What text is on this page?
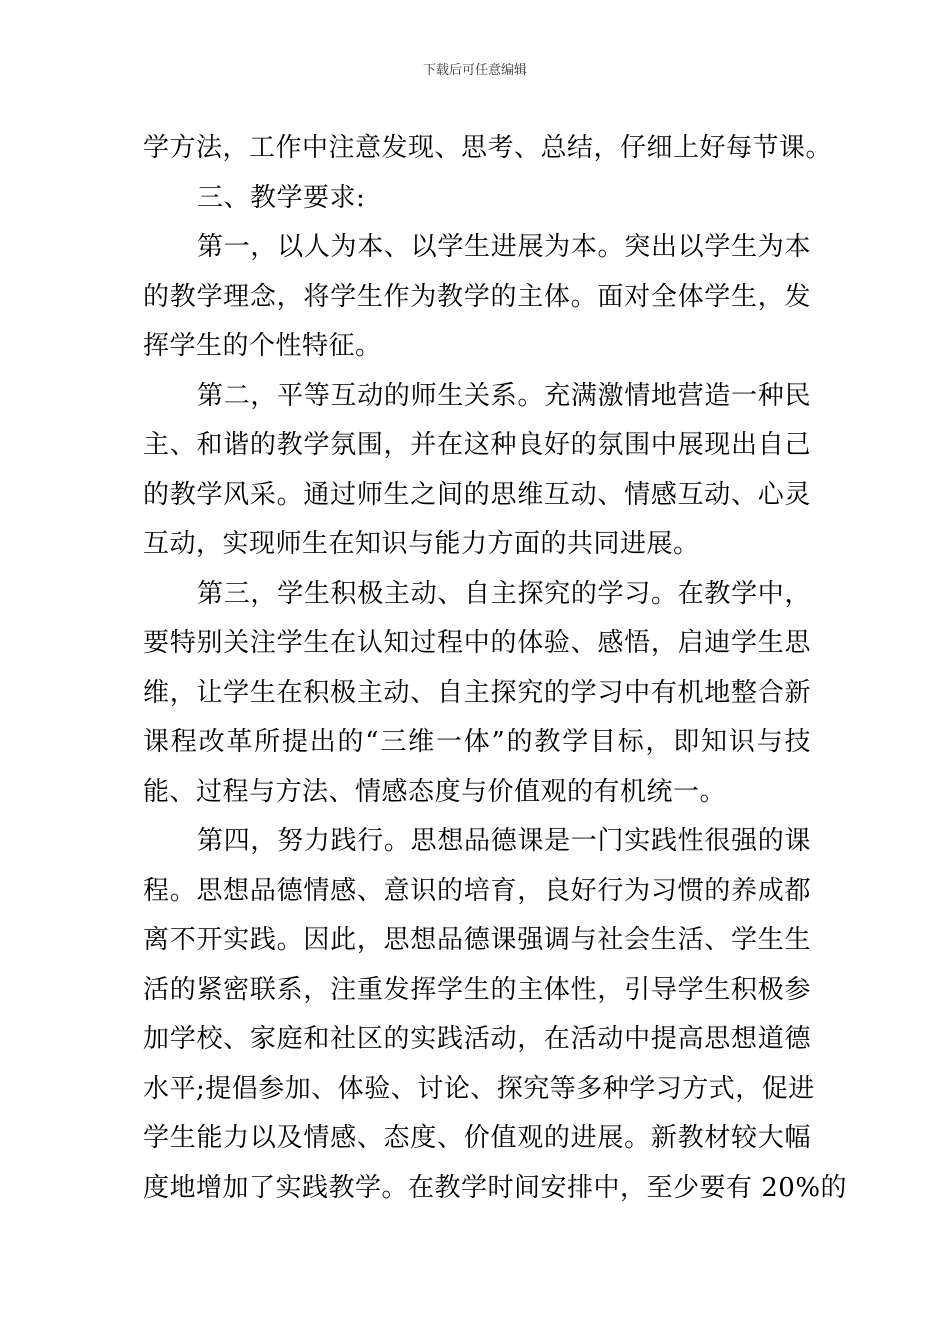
下载后可任意编辑
学方法，工作中注意发现、思考、总结，仔细上好每节课。
三、教学要求:
第一，以人为本、以学生进展为本。突出以学生为本
的教学理念，将学生作为教学的主体。面对全体学生，发
挥学生的个性特征。
第二，平等互动的师生关系。充满激情地营造一种民
主、和谐的教学氛围，并在这种良好的氛围中展现出自己
的教学风采。通过师生之间的思维互动、情感互动、心灵
互动，实现师生在知识与能力方面的共同进展。
第三，学生积极主动、自主探究的学习。在教学中，
要特别关注学生在认知过程中的体验、感悟，启迪学生思
维，让学生在积极主动、自主探究的学习中有机地整合新
课程改革所提出的“三维一体”的教学目标，即知识与技
能、过程与方法、情感态度与价值观的有机统一。
第四，努力践行。思想品德课是一门实践性很强的课
程。思想品德情感、意识的培育，良好行为习惯的养成都
离不开实践。因此，思想品德课强调与社会生活、学生生
活的紧密联系，注重发挥学生的主体性，引导学生积极参
加学校、家庭和社区的实践活动，在活动中提高思想道德
水平;提倡参加、体验、讨论、探究等多种学习方式，促进
学生能力以及情感、态度、价值观的进展。新教材较大幅
度地增加了实践教学。在教学时间安排中，至少要有 20%的
